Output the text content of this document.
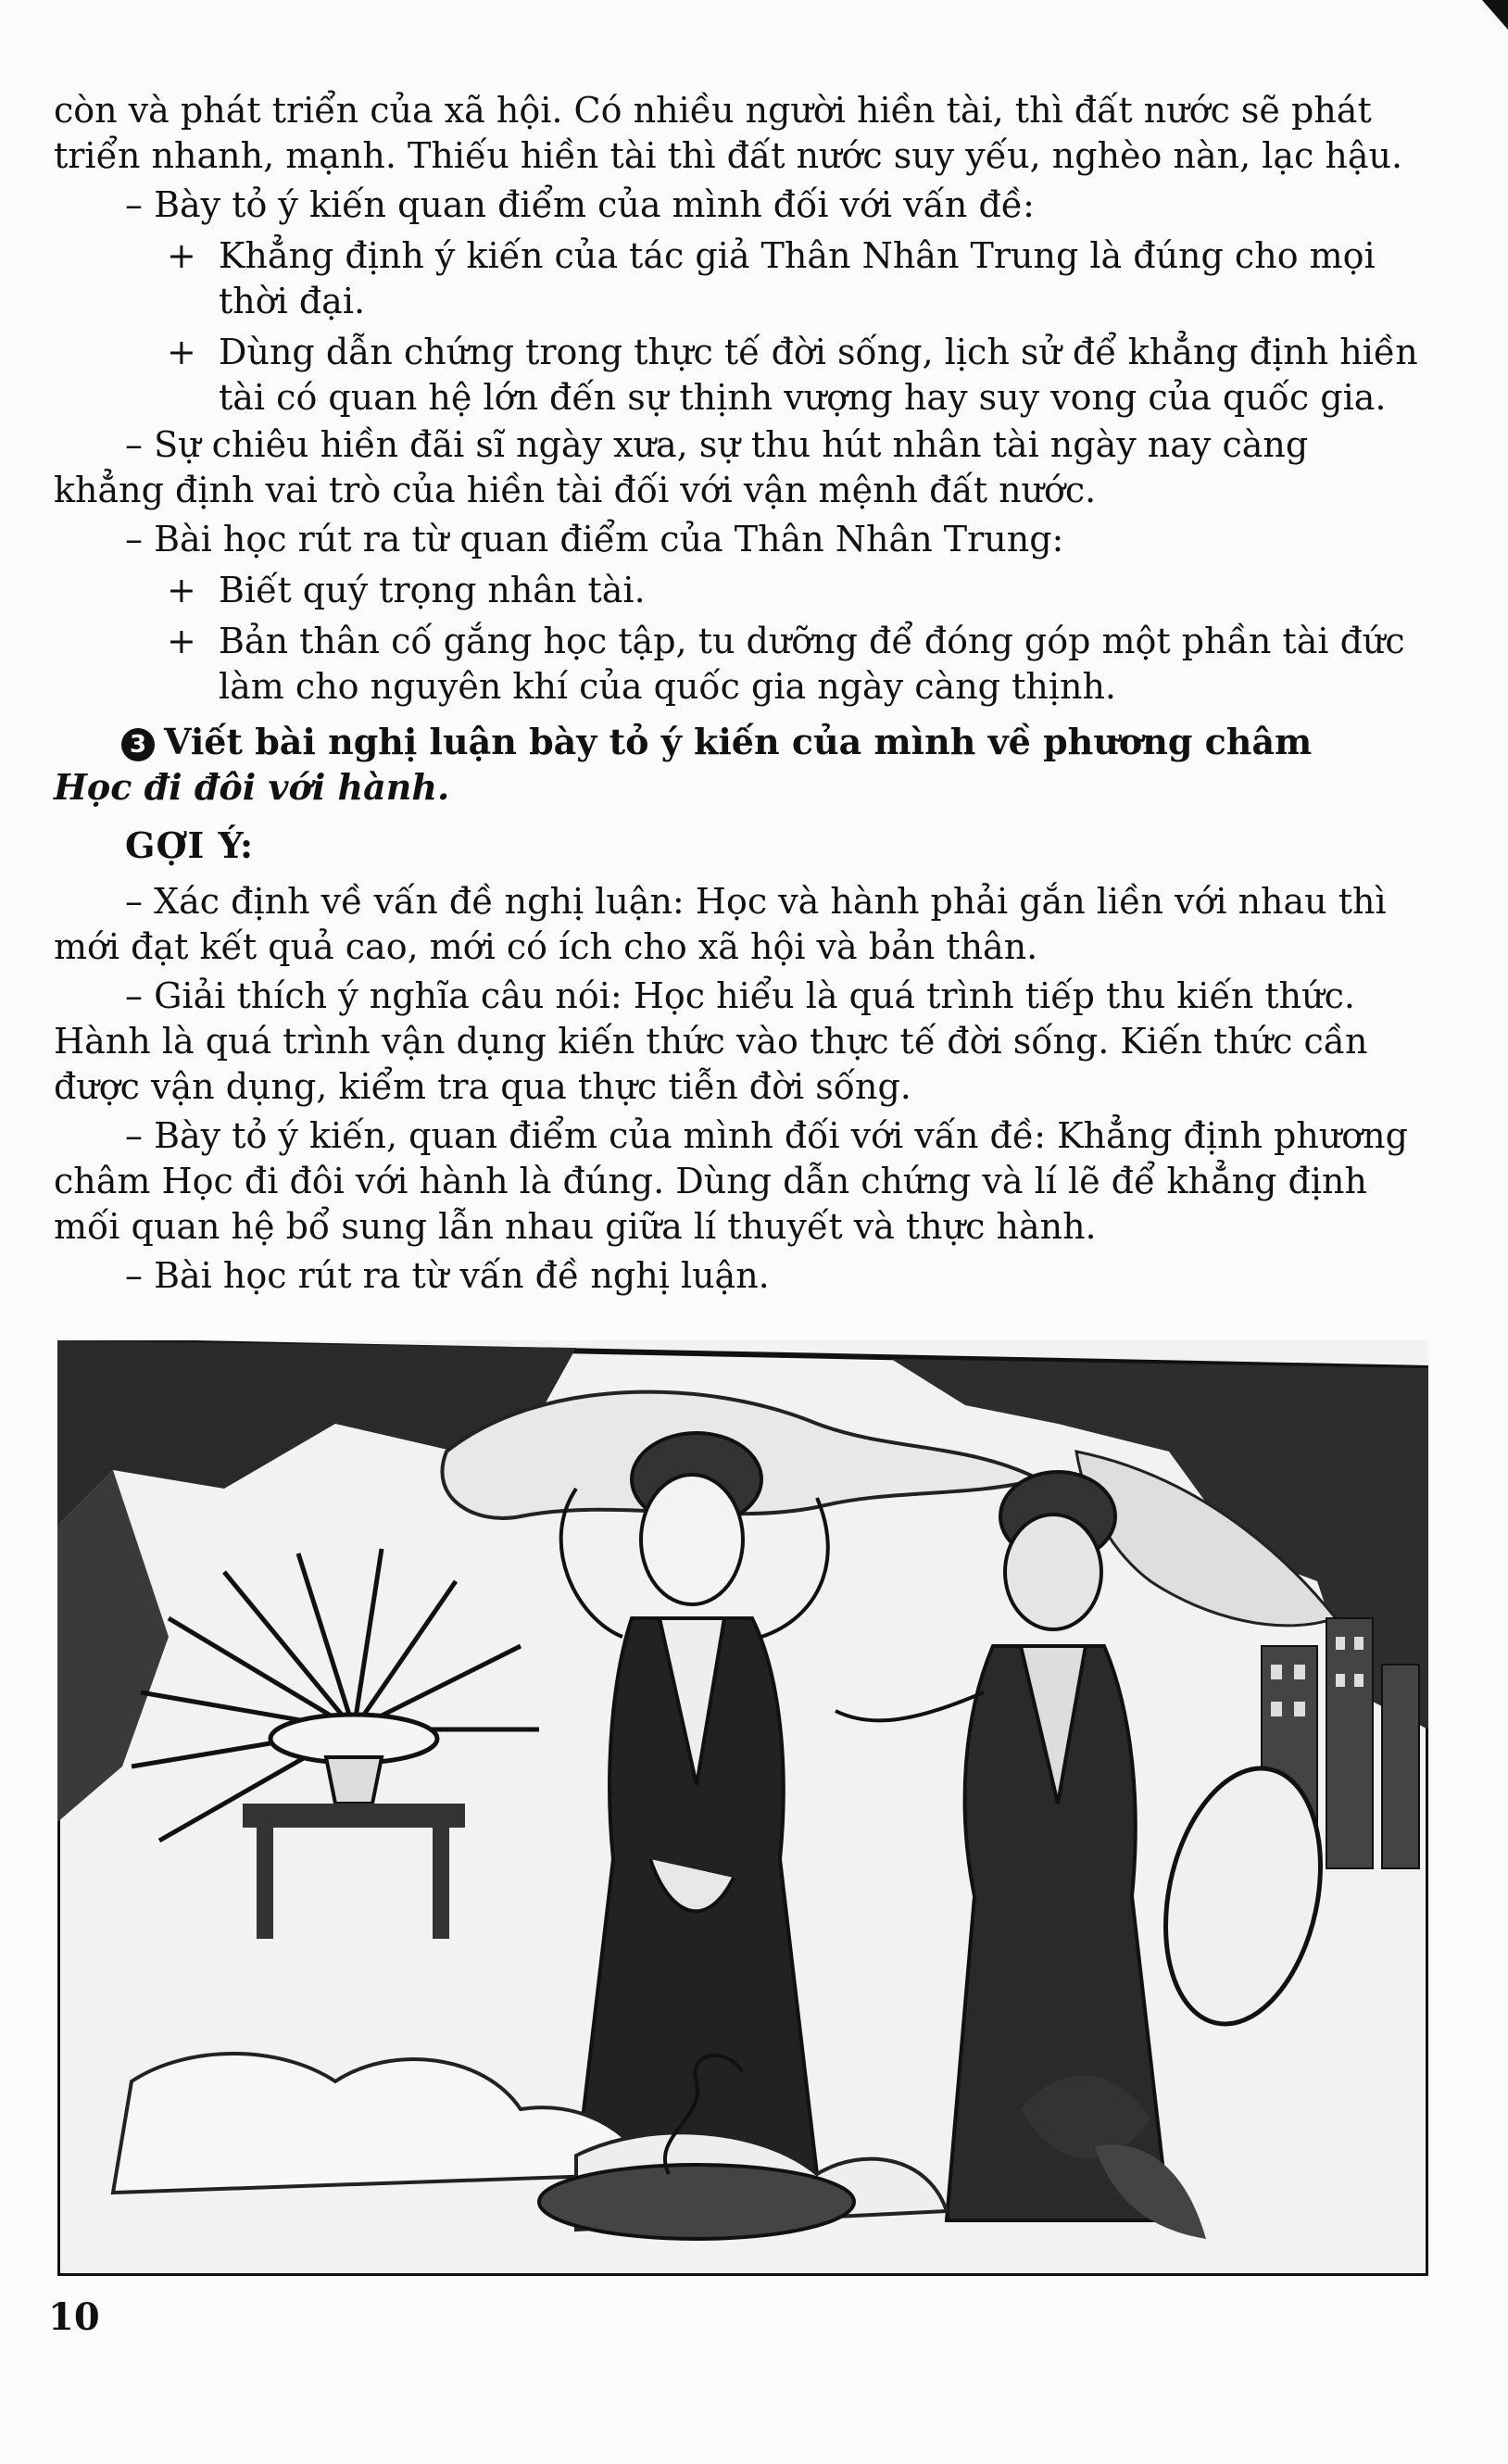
còn và phát triển của xã hội. Có nhiều người hiền tài, thì đất nước sẽ phát

triển nhanh, mạnh. Thiếu hiền tài thì đất nước suy yếu, nghèo nàn, lạc hậu.

– Bày tỏ ý kiến quan điểm của mình đối với vấn đề:

+ Khẳng định ý kiến của tác giả Thân Nhân Trung là đúng cho mọi

thời đại.

+ Dùng dẫn chứng trong thực tế đời sống, lịch sử để khẳng định hiền

tài có quan hệ lớn đến sự thịnh vượng hay suy vong của quốc gia.

– Sự chiêu hiền đãi sĩ ngày xưa, sự thu hút nhân tài ngày nay càng

khẳng định vai trò của hiền tài đối với vận mệnh đất nước.

– Bài học rút ra từ quan điểm của Thân Nhân Trung:

+ Biết quý trọng nhân tài.

+ Bản thân cố gắng học tập, tu dưỡng để đóng góp một phần tài đức

làm cho nguyên khí của quốc gia ngày càng thịnh.

3 Viết bài nghị luận bày tỏ ý kiến của mình về phương châm

Học đi đôi với hành.

GỢI Ý:

– Xác định về vấn đề nghị luận: Học và hành phải gắn liền với nhau thì

mới đạt kết quả cao, mới có ích cho xã hội và bản thân.

– Giải thích ý nghĩa câu nói: Học hiểu là quá trình tiếp thu kiến thức.

Hành là quá trình vận dụng kiến thức vào thực tế đời sống. Kiến thức cần

được vận dụng, kiểm tra qua thực tiễn đời sống.

– Bày tỏ ý kiến, quan điểm của mình đối với vấn đề: Khẳng định phương

châm Học đi đôi với hành là đúng. Dùng dẫn chứng và lí lẽ để khẳng định

mối quan hệ bổ sung lẫn nhau giữa lí thuyết và thực hành.

– Bài học rút ra từ vấn đề nghị luận.

10
